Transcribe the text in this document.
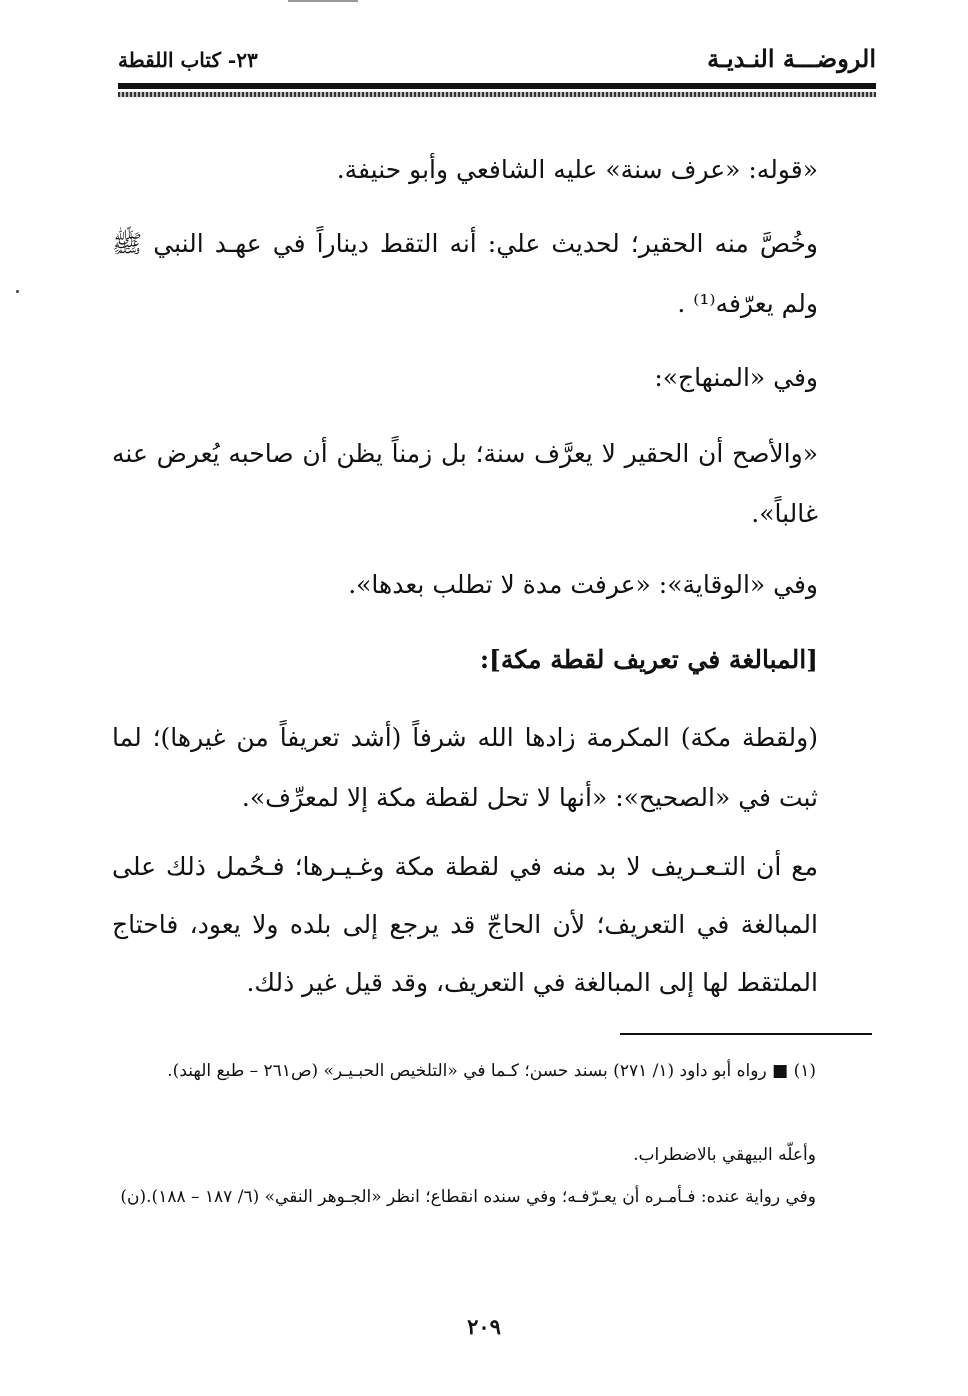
الروضـــة النـديـة
٢٣- كتاب اللقطة
«قوله: «عرف سنة» عليه الشافعي وأبو حنيفة.
وخُصَّ منه الحقير؛ لحديث علي: أنه التقط ديناراً في عهـد النبي ﷺ ولم يعرّفه⁽¹⁾ .
وفي «المنهاج»:
«والأصح أن الحقير لا يعرَّف سنة؛ بل زمناً يظن أن صاحبه يُعرض عنه غالباً».
وفي «الوقاية»: «عرفت مدة لا تطلب بعدها».
[المبالغة في تعريف لقطة مكة]:
(ولقطة مكة) المكرمة زادها الله شرفاً (أشد تعريفاً من غيرها)؛ لما ثبت في «الصحيح»: «أنها لا تحل لقطة مكة إلا لمعرِّف».
مع أن التـعـريف لا بد منه في لقطة مكة وغـيـرها؛ فـحُمل ذلك على المبالغة في التعريف؛ لأن الحاجّ قد يرجع إلى بلده ولا يعود، فاحتاج الملتقط لها إلى المبالغة في التعريف، وقد قيل غير ذلك.
(١) ■ رواه أبو داود (١/ ٢٧١) بسند حسن؛ كـما في «التلخيص الحبـيـر» (ص٢٦١ – طبع الهند).
وأعلّه البيهقي بالاضطراب.
وفي رواية عنده: فـأمـره أن يعـرّفـه؛ وفي سنده انقطاع؛ انظر «الجـوهر النقي» (٦/ ١٨٧ – ١٨٨).(ن)
٢٠٩
